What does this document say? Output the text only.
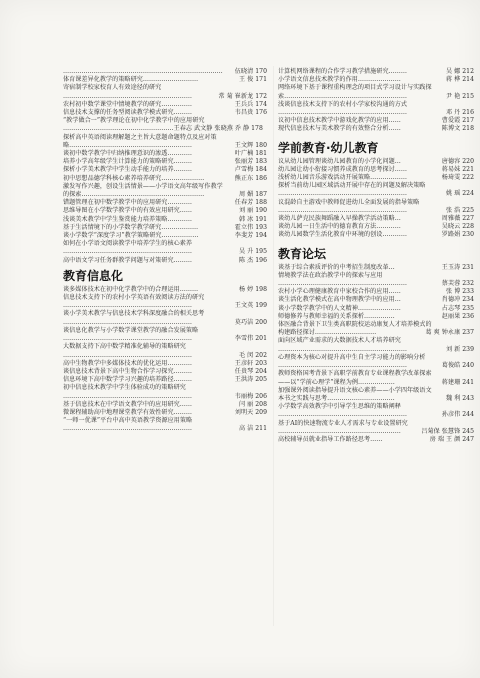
伍晓清 170
……………………………………………………………………
王 俊 171
体育课差异化教学的策略研究………………………
寄宿制学校家校育人有效途径的研究
常 菊 崔新龙 172
………………………………………………………
王兵兵 174
农村初中数学课堂中情境教学的研究……………
韦昌贵 176
信息技术支撑的任务型阅读教学模式研究………
“教学做合一”教学理论在初中化学教学中的应用研究
………………………………………………王春志 武文静 张晓燕 乔 静 178
探析高中英语阅读理解题之主旨大意题命题特点及应对策
王文辉 180
略……………………………………………………
叶广楠 181
谈初中数学教学中归纳推理意识的渗透…………
张丽芳 183
培养小学高年级学生计算能力的策略研究………
卢雪梅 184
探析小学美术教学中学生动手能力的培养………
熊正东 186
初中思想品德学科核心素养培养研究…………………
激发写作兴趣，创设生活情景——小学语文高年级写作教学
周 媚 187
的探索……………………………………………………
任春芳 188
错题管理在初中数学教学中的应用研究…………
刘 丽 190
思维导图在小学数学教学中的有效应用研究……
韩 冰 191
浅谈美术教学中学生鉴赏能力培养策略…………
霍立伟 193
基于生活情境下的小学数学教学研究………………
李斐芳 194
谈小学数学“深度学习”教学策略研究………………
如何在小学语文阅读教学中培养学生的核心素养
吴 升 195
………………………………………………………
陈 杰 196
高中语文学习任务群教学问题与对策研究………
教育信息化
杨 婷 198
谈多媒体技术在初中化学教学中的合理运用………
信息技术支持下的农村小学英语有效阅读方法的研究
王文英 199
………………………………………………………
谈小学美术教学与信息技术学科深度融合的相关思考
莫巧洁 200
………………………………………………………
谈信息化教学与小学数学课堂教学的融合发展策略
李雪伟 201
………………………………………………………
大数据支持下高中数学精准化辅导的策略研究
毛 闵 202
………………………………………………………
王彦轩 203
高中生物教学中多媒体技术的优化运用…………
任贵琴 204
谈信息技术背景下高中生物合作学习探究………
王洪涛 205
信息环境下高中数学学习兴趣的培养路径………
初中信息技术教学中学生体验成功的策略研究
韦丽梅 206
………………………………………………………
闫 丽 208
基于信息技术在中学语文教学中的应用研究……
刘明天 209
微课程辅助高中地理课堂教学有效性研究………
“一师一优课”平台中高中英语教学资源应用策略
高 洁 211
………………………………………………………
吴 娜 212
计算机网络课程的合作学习教学措施研究………
蒋 桦 214
小学语文信息技术教学的作用…………………
网络环境下基于课程重构理念的项目式学习设计与实践探
尹 艳 215
索……………………………………………………
浅谈信息技术支持下的农村小学家校沟通的方式
邓 丹 216
………………………………………………………
曹爱霞 217
议初中信息技术教学中游戏化教学的应用……
陈博文 218
现代信息技术与美术教学的有效整合分析……
学前教育·幼儿教育
唐德容 220
议从幼儿园管理谈幼儿园教育的小学化问题…
蒋易妹 221
幼儿园让幼小衔接习惯养成教育的思考探讨……
杨琦雯 222
浅析幼儿园音乐游戏活动开展策略………………
探析当前幼儿园区域活动开展中存在的问题及解决策略
姚 瑶 224
………………………………………………………
议混龄自主游戏中教师促进幼儿全面发展的指导策略
张 浩 225
………………………………………………………
周雅薇 227
谈幼儿萨克民族舞蹈融入早操教学活动策略…
吴晓云 228
谈幼儿园一日生活中的德育教育方法…………
罗路娟 230
谈幼儿园数学生活化教育中环境的创设…………
教育论坛
王玉涛 231
谈基于综合素质评价的中考招生制度改革…
情境教学法在政治教学中的探索与应用
蔡芙蓉 232
………………………………………………………
张 博 233
农村小学心理健康教育中家校合作的应用……
肖德冲 234
谈生活化教学模式在高中物理教学中的应用…
占志琴 235
谈小学数学教学中的人文精神…………………
赵丽果 236
师德修养与教师幸福的关系探析……………
体医融合背景下卫生类高职院校运动康复人才培养模式的
葛 爽 钟永康 237
构建路径探讨…………………………
面向区域产业需求的大数据技术人才培养研究
刘 新 239
………………………………………………………
心理资本为核心对提升高中生自主学习能力的影响分析
葛俊皓 240
………………………………………………………
教师资格国考背景下高职学前教育专业课程教学改革探索
蒋建珊 241
——以“学前心理学”课程为例………………
加强课外阅读指导提升语文核心素养——小学四年级语文
魏 利 243
本书之实践与思考……………………………
小学数学高效教学中引导学生思维的策略阐释
孙彦伟 244
………………………………………………………
基于AI的快速物流专业人才需求与专业设置研究
吕菊保 张慧锋 245
……………………………………………………
房 瑞 王 颜 247
高校辅导员就业指导工作路径思考……
